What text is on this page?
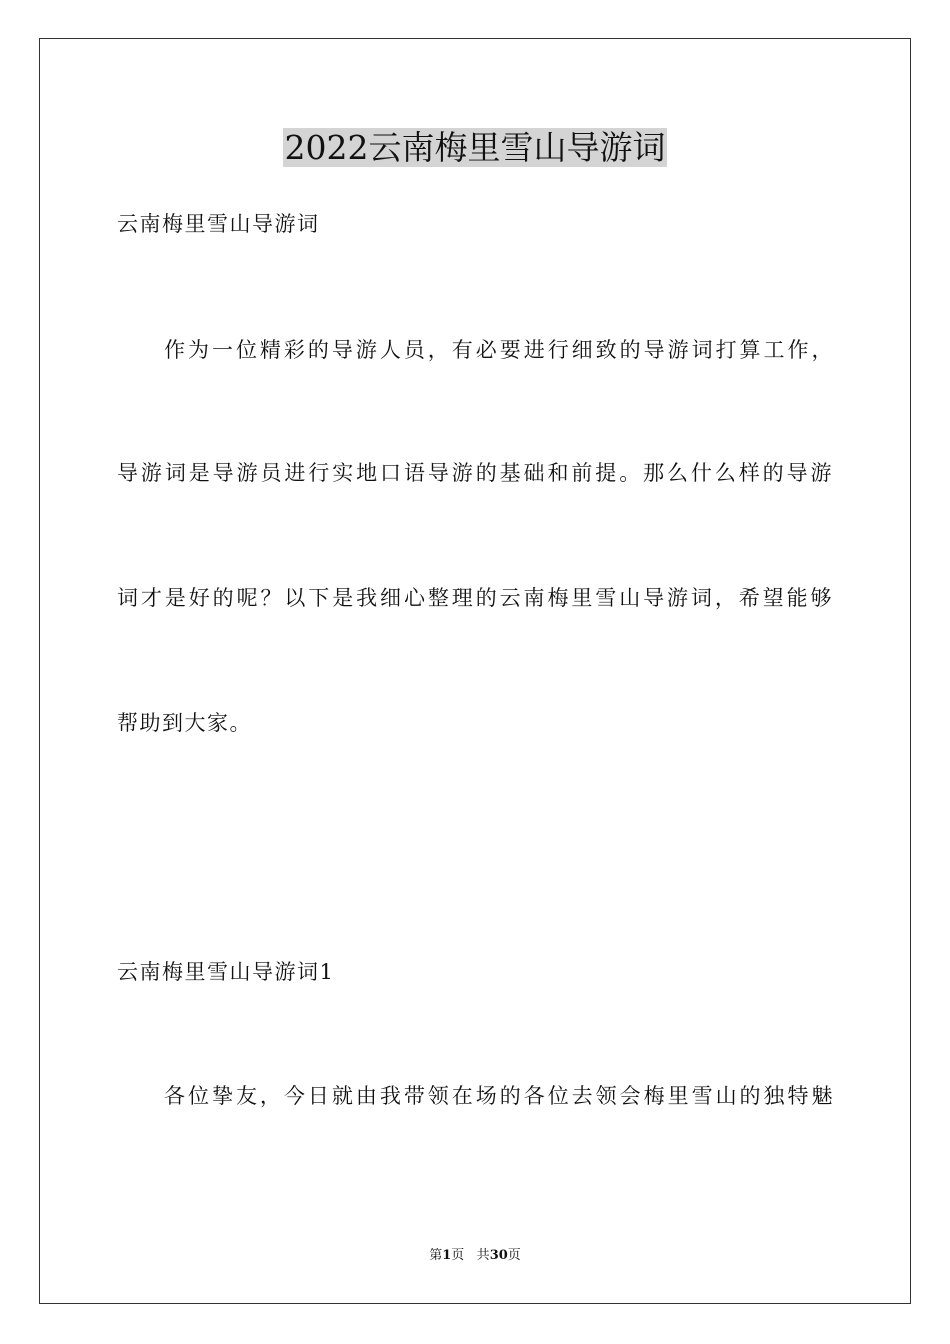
2022云南梅里雪山导游词
云南梅里雪山导游词
作为一位精彩的导游人员，有必要进行细致的导游词打算工作，
导游词是导游员进行实地口语导游的基础和前提。那么什么样的导游
词才是好的呢？以下是我细心整理的云南梅里雪山导游词，希望能够
帮助到大家。
云南梅里雪山导游词1
各位挚友，今日就由我带领在场的各位去领会梅里雪山的独特魅
第1页 共30页
